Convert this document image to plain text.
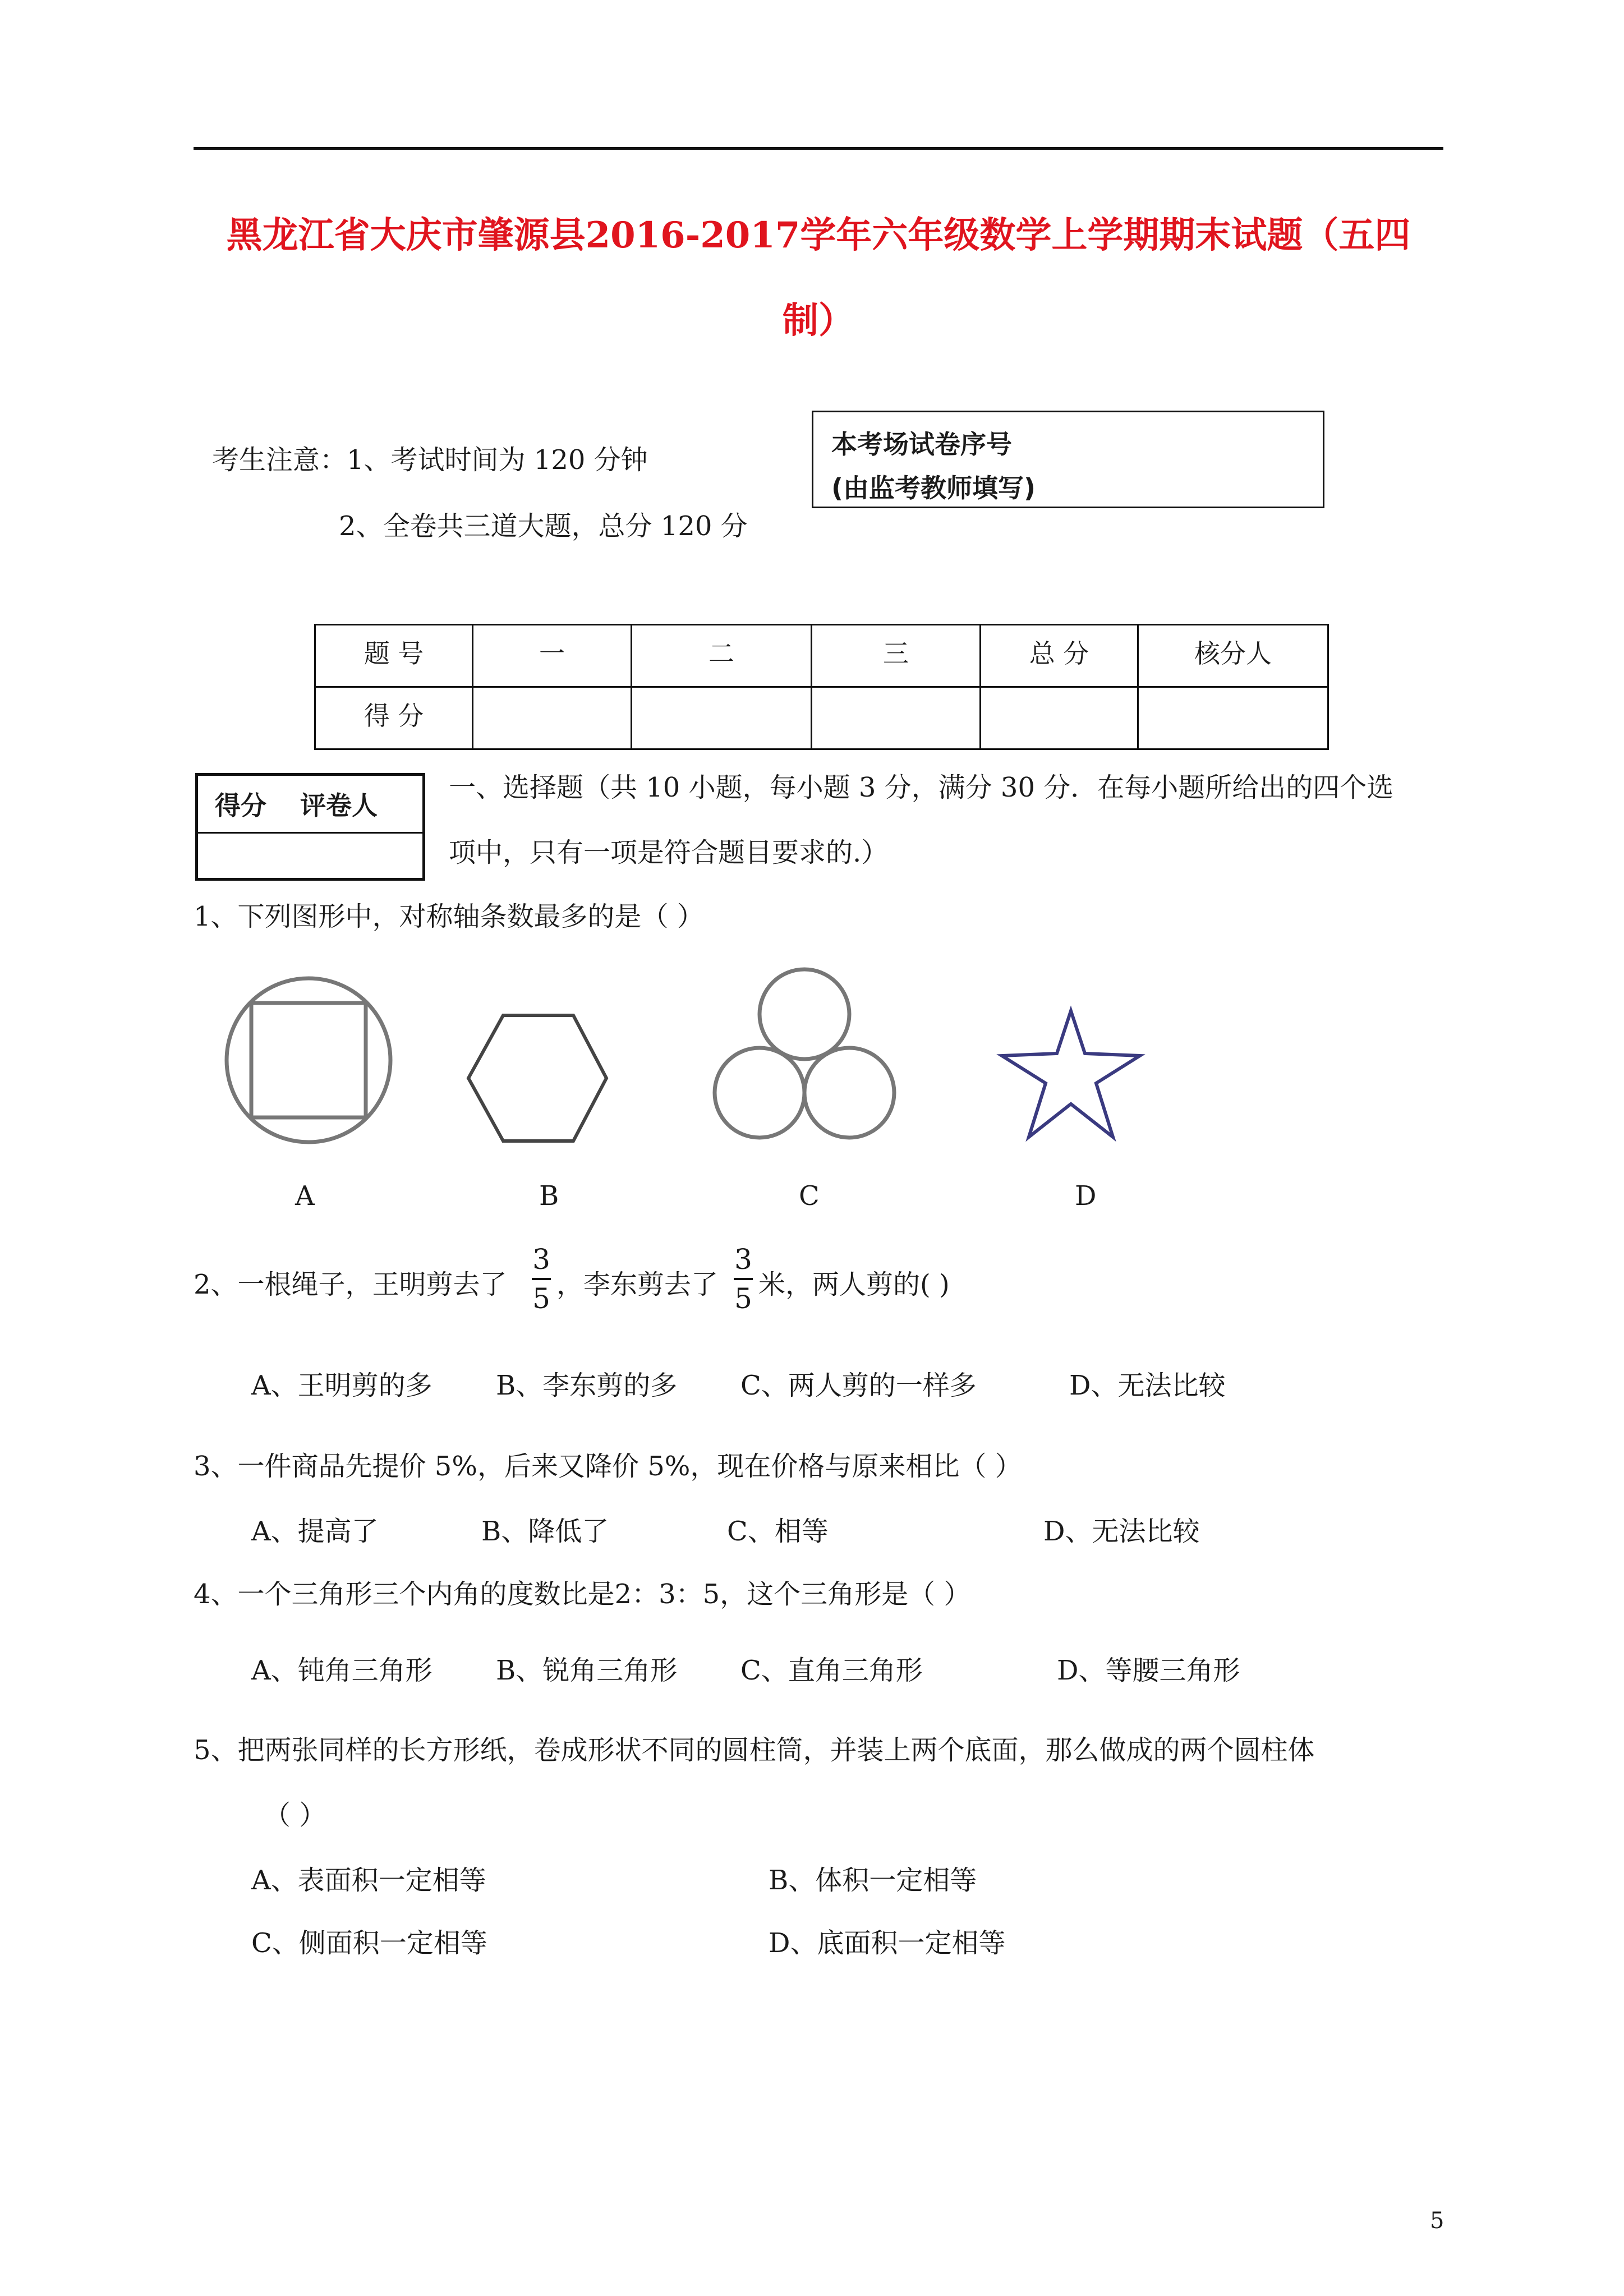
黑龙江省大庆市肇源县2016-2017学年六年级数学上学期期末试题（五四
制）
考生注意：1、考试时间为 120 分钟
2、全卷共三道大题，总分 120 分
本考场试卷序号
(由监考教师填写)
题 号	一	二	三	总 分	核分人

得 分					

得分 评卷人
一、选择题（共 10 小题，每小题 3 分，满分 30 分．在每小题所给出的四个选
项中，只有一项是符合题目要求的.）
1、下列图形中，对称轴条数最多的是（ ）
A	B	C	D
2、一根绳子，王明剪去了
3
5 ，李东剪去了
3
5 米，两人剪的( )
A、王明剪的多 B、李东剪的多 C、两人剪的一样多	D、无法比较
3、一件商品先提价 5%，后来又降价 5%，现在价格与原来相比（ ）
A、提高了	B、降低了	C、相等	D、无法比较
4、一个三角形三个内角的度数比是2：3：5，这个三角形是（ ）
A、钝角三角形 B、锐角三角形 C、直角三角形	D、等腰三角形
5、把两张同样的长方形纸，卷成形状不同的圆柱筒，并装上两个底面，那么做成的两个圆柱体
（ ）
A、表面积一定相等	B、体积一定相等
C、侧面积一定相等	D、底面积一定相等
5
